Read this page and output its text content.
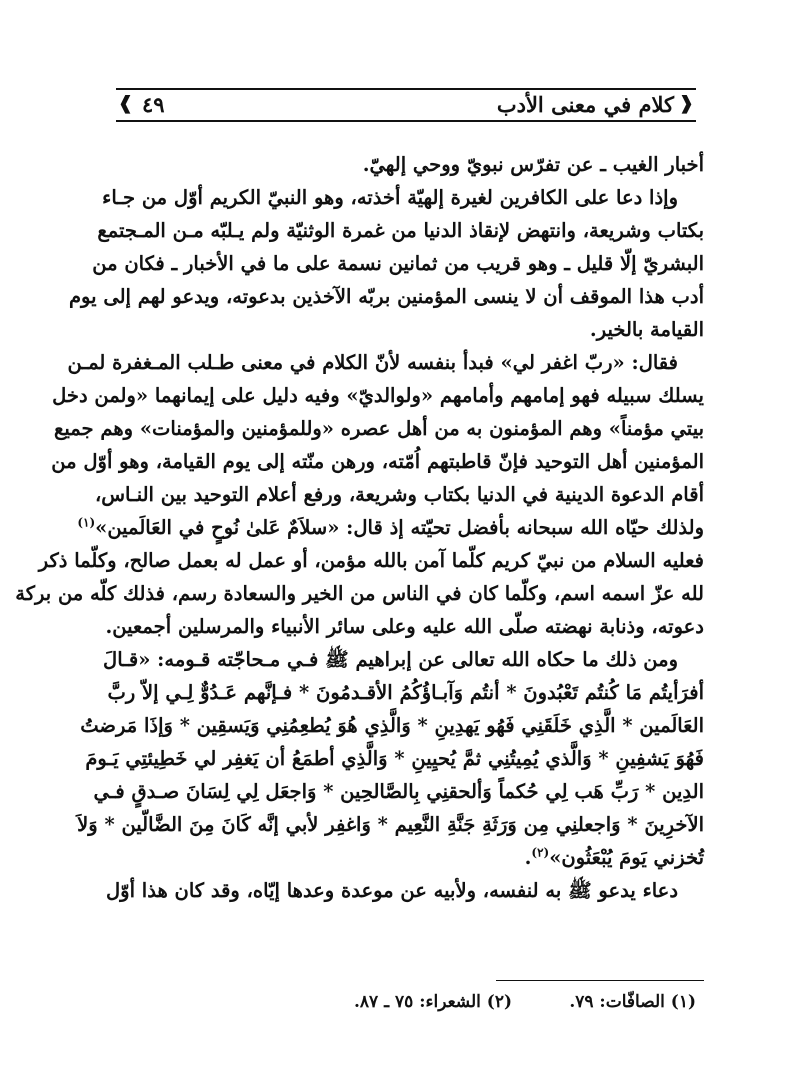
❰
كلام في معنى الأدب
٤٩
❱
أخبار الغيب ـ عن تفرّس نبويّ ووحي إلهيّ.
وإذا دعا على الكافرين لغيرة إلهيّة أخذته، وهو النبيّ الكريم أوّل من جـاء
بكتاب وشريعة، وانتهض لإنقاذ الدنيا من غمرة الوثنيّة ولم يـلبّه مـن المـجتمع
البشريّ إلّا قليل ـ وهو قريب من ثمانين نسمة على ما في الأخبار ـ فكان من
أدب هذا الموقف أن لا ينسى المؤمنين بربّه الآخذين بدعوته، ويدعو لهم إلى يوم
القيامة بالخير.
فقال: «ربّ اغفر لي» فبدأ بنفسه لأنّ الكلام في معنى طـلب المـغفرة لمـن
يسلك سبيله فهو إمامهم وأمامهم «ولوالديّ» وفيه دليل على إيمانهما «ولمن دخل
بيتي مؤمناً» وهم المؤمنون به من أهل عصره «وللمؤمنين والمؤمنات» وهم جميع
المؤمنين أهل التوحيد فإنّ قاطبتهم اُمّته، ورهن منّته إلى يوم القيامة، وهو أوّل من
أقام الدعوة الدينية في الدنيا بكتاب وشريعة، ورفع أعلام التوحيد بين النـاس،
ولذلك حيّاه الله سبحانه بأفضل تحيّته إذ قال: «سلاَمٌ عَلىٰ نُوحٍ في العَالَمين»$^{(١)}$
فعليه السلام من نبيّ كريم كلّما آمن بالله مؤمن، أو عمل له بعمل صالح، وكلّما ذكر
لله عزّ اسمه اسم، وكلّما كان في الناس من الخير والسعادة رسم، فذلك كلّه من بركة
دعوته، وذنابة نهضته صلّى الله عليه وعلى سائر الأنبياء والمرسلين أجمعين.
ومن ذلك ما حكاه الله تعالى عن إبراهيم ﷺ فـي مـحاجّته قـومه: «قـالَ
أفرَأيتُم مَا كُنتُم تَعْبُدونَ * أنتُم وَآبـاؤُكُمُ الأقـدمُونَ * فـإنَّهم عَـدُوٌّ لِـي إلاّ ربَّ
العَالَمين * الَّذِي خَلَقَنِي فَهُو يَهدِينِ * وَالَّذِي هُوَ يُطعِمُنِي وَيَسقِين * وَإذَا مَرضتُ
فَهُوَ يَشفِينِ * وَالَّذي يُمِيتُنِي ثمَّ يُحيِينِ * وَالَّذِي أطمَعُ أن يَغفِر لي خَطِيئتِي يَـومَ
الدِين * رَبِّ هَب لِي حُكماً وَألحقنِي بِالصَّالحِين * وَاجعَل لِي لِسَانَ صـدقٍ فـي
الآخرِينَ * وَاجعلنِي مِن وَرَثَةِ جَنَّةِ النَّعِيم * وَاغفِر لأبي إنَّه كَانَ مِنَ الضَّالّين * وَلاَ
تُخزني يَومَ يُبْعَثُون»$^{(٢)}$.
دعاء يدعو ﷺ به لنفسه، ولأبيه عن موعدة وعدها إيّاه، وقد كان هذا أوّل
(١) الصافّات: ٧٩.
(٢) الشعراء: ٧٥ ـ ٨٧.
